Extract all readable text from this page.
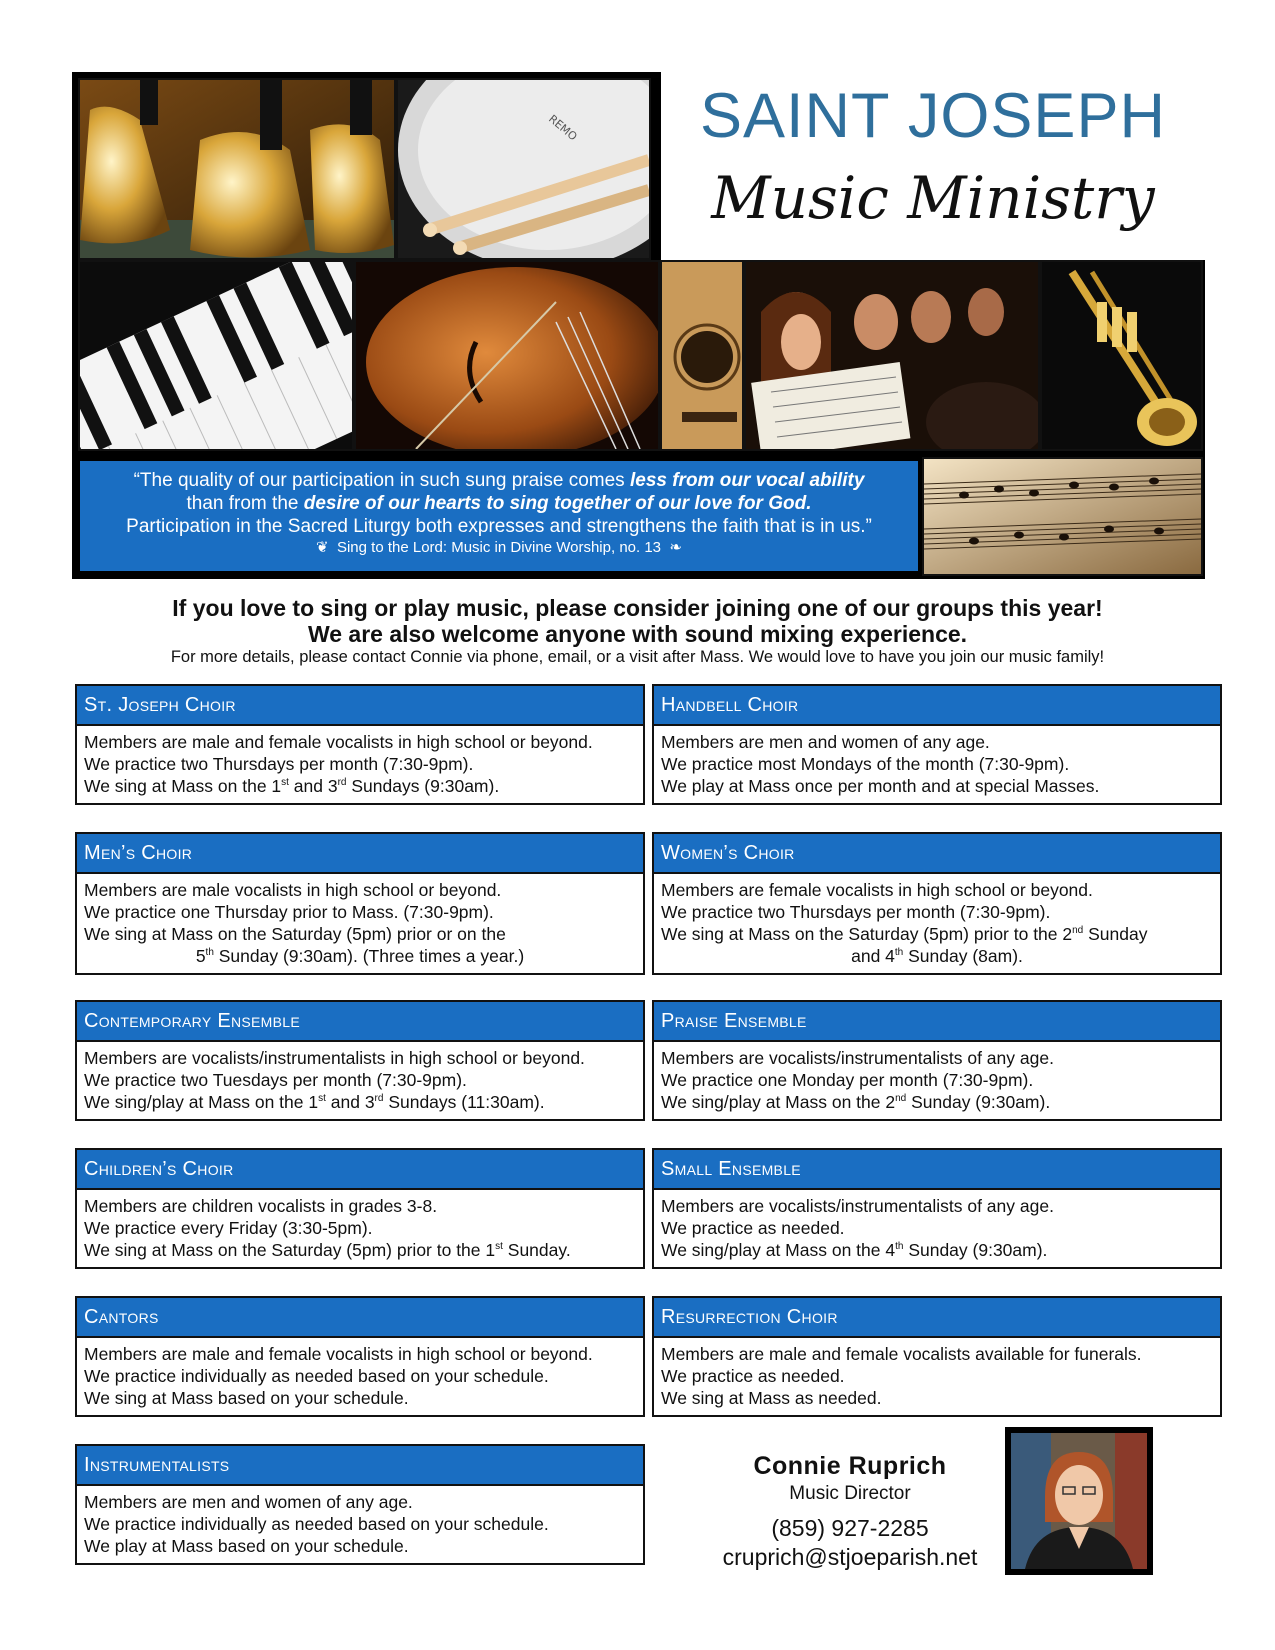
SAINT JOSEPH
Music Ministry
REMO
“The quality of our participation in such sung praise comes less from our vocal ability
than from the desire of our hearts to sing together of our love for God.
Participation in the Sacred Liturgy both expresses and strengthens the faith that is in us.”
❦ Sing to the Lord: Music in Divine Worship, no. 13 ❧
If you love to sing or play music, please consider joining one of our groups this year!
We are also welcome anyone with sound mixing experience.
For more details, please contact Connie via phone, email, or a visit after Mass. We would love to have you join our music family!
St. Joseph Choir
Members are male and female vocalists in high school or beyond.
We practice two Thursdays per month (7:30-9pm).
We sing at Mass on the 1st and 3rd Sundays (9:30am).
Handbell Choir
Members are men and women of any age.
We practice most Mondays of the month (7:30-9pm).
We play at Mass once per month and at special Masses.
Men’s Choir
Members are male vocalists in high school or beyond.
We practice one Thursday prior to Mass. (7:30-9pm).
We sing at Mass on the Saturday (5pm) prior or on the
5th Sunday (9:30am). (Three times a year.)
Women’s Choir
Members are female vocalists in high school or beyond.
We practice two Thursdays per month (7:30-9pm).
We sing at Mass on the Saturday (5pm) prior to the 2nd Sunday
and 4th Sunday (8am).
Contemporary Ensemble
Members are vocalists/instrumentalists in high school or beyond.
We practice two Tuesdays per month (7:30-9pm).
We sing/play at Mass on the 1st and 3rd Sundays (11:30am).
Praise Ensemble
Members are vocalists/instrumentalists of any age.
We practice one Monday per month (7:30-9pm).
We sing/play at Mass on the 2nd Sunday (9:30am).
Children’s Choir
Members are children vocalists in grades 3-8.
We practice every Friday (3:30-5pm).
We sing at Mass on the Saturday (5pm) prior to the 1st Sunday.
Small Ensemble
Members are vocalists/instrumentalists of any age.
We practice as needed.
We sing/play at Mass on the 4th Sunday (9:30am).
Cantors
Members are male and female vocalists in high school or beyond.
We practice individually as needed based on your schedule.
We sing at Mass based on your schedule.
Resurrection Choir
Members are male and female vocalists available for funerals.
We practice as needed.
We sing at Mass as needed.
Instrumentalists
Members are men and women of any age.
We practice individually as needed based on your schedule.
We play at Mass based on your schedule.
Connie Ruprich
Music Director
(859) 927-2285
cruprich@stjoeparish.net
